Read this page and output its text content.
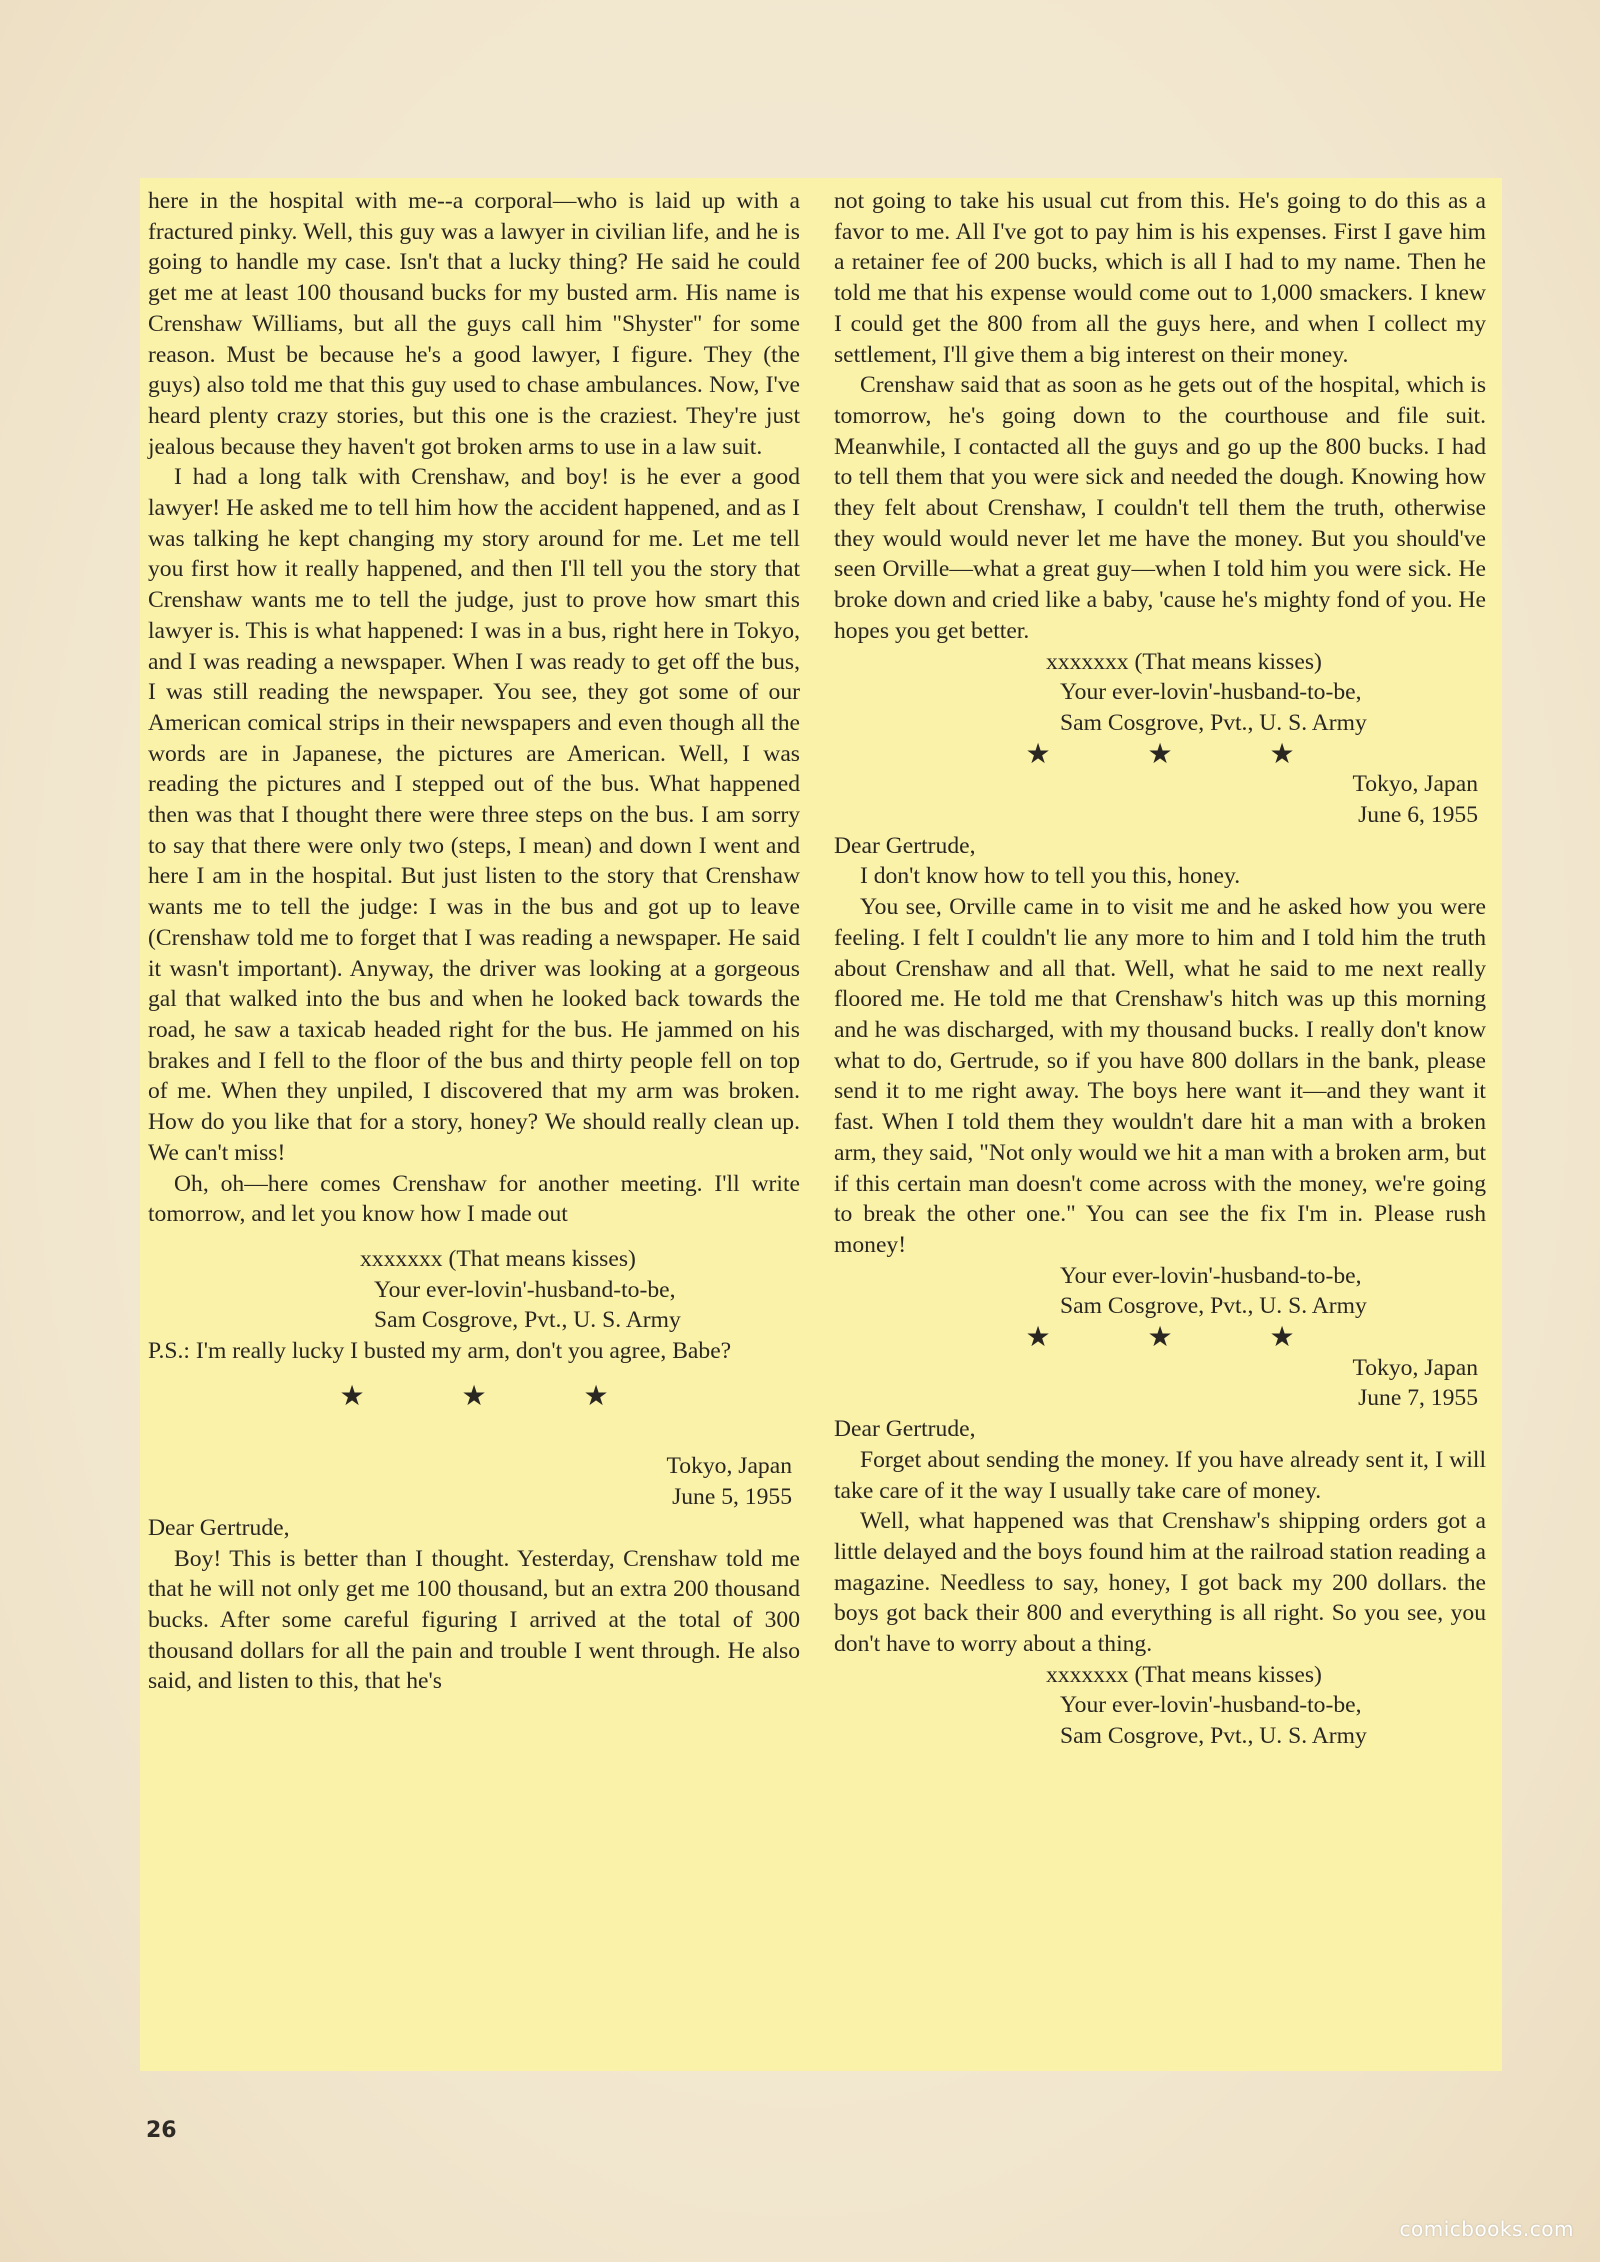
here in the hospital with me--a corporal—who is laid up with a fractured pinky. Well, this guy was a lawyer in civilian life, and he is going to handle my case. Isn't that a lucky thing? He said he could get me at least 100 thousand bucks for my busted arm. His name is Crenshaw Williams, but all the guys call him "Shyster" for some reason. Must be because he's a good lawyer, I figure. They (the guys) also told me that this guy used to chase ambulances. Now, I've heard plenty crazy stories, but this one is the craziest. They're just jealous because they haven't got broken arms to use in a law suit.

I had a long talk with Crenshaw, and boy! is he ever a good lawyer! He asked me to tell him how the accident happened, and as I was talking he kept changing my story around for me. Let me tell you first how it really happened, and then I'll tell you the story that Crenshaw wants me to tell the judge, just to prove how smart this lawyer is. This is what happened: I was in a bus, right here in Tokyo, and I was reading a newspaper. When I was ready to get off the bus, I was still reading the newspaper. You see, they got some of our American comical strips in their newspapers and even though all the words are in Japanese, the pictures are American. Well, I was reading the pictures and I stepped out of the bus. What happened then was that I thought there were three steps on the bus. I am sorry to say that there were only two (steps, I mean) and down I went and here I am in the hospital. But just listen to the story that Crenshaw wants me to tell the judge: I was in the bus and got up to leave (Crenshaw told me to forget that I was reading a newspaper. He said it wasn't important). Anyway, the driver was looking at a gorgeous gal that walked into the bus and when he looked back towards the road, he saw a taxicab headed right for the bus. He jammed on his brakes and I fell to the floor of the bus and thirty people fell on top of me. When they unpiled, I discovered that my arm was broken. How do you like that for a story, honey? We should really clean up. We can't miss!

Oh, oh—here comes Crenshaw for another meeting. I'll write tomorrow, and let you know how I made out

xxxxxxx (That means kisses)

Your ever-lovin'-husband-to-be,

Sam Cosgrove, Pvt., U. S. Army

P.S.: I'm really lucky I busted my arm, don't you agree, Babe?

★ ★ ★

Tokyo, Japan

June 5, 1955

Dear Gertrude,

Boy! This is better than I thought. Yesterday, Crenshaw told me that he will not only get me 100 thousand, but an extra 200 thousand bucks. After some careful figuring I arrived at the total of 300 thousand dollars for all the pain and trouble I went through. He also said, and listen to this, that he's

not going to take his usual cut from this. He's going to do this as a favor to me. All I've got to pay him is his expenses. First I gave him a retainer fee of 200 bucks, which is all I had to my name. Then he told me that his expense would come out to 1,000 smackers. I knew I could get the 800 from all the guys here, and when I collect my settlement, I'll give them a big interest on their money.

Crenshaw said that as soon as he gets out of the hospital, which is tomorrow, he's going down to the courthouse and file suit. Meanwhile, I contacted all the guys and go up the 800 bucks. I had to tell them that you were sick and needed the dough. Knowing how they felt about Crenshaw, I couldn't tell them the truth, otherwise they would would never let me have the money. But you should've seen Orville—what a great guy—when I told him you were sick. He broke down and cried like a baby, 'cause he's mighty fond of you. He hopes you get better.

xxxxxxx (That means kisses)

Your ever-lovin'-husband-to-be,

Sam Cosgrove, Pvt., U. S. Army

★ ★ ★

Tokyo, Japan

June 6, 1955

Dear Gertrude,

I don't know how to tell you this, honey.

You see, Orville came in to visit me and he asked how you were feeling. I felt I couldn't lie any more to him and I told him the truth about Crenshaw and all that. Well, what he said to me next really floored me. He told me that Crenshaw's hitch was up this morning and he was discharged, with my thousand bucks. I really don't know what to do, Gertrude, so if you have 800 dollars in the bank, please send it to me right away. The boys here want it—and they want it fast. When I told them they wouldn't dare hit a man with a broken arm, they said, "Not only would we hit a man with a broken arm, but if this certain man doesn't come across with the money, we're going to break the other one." You can see the fix I'm in. Please rush money!

Your ever-lovin'-husband-to-be,

Sam Cosgrove, Pvt., U. S. Army

★ ★ ★

Tokyo, Japan

June 7, 1955

Dear Gertrude,

Forget about sending the money. If you have already sent it, I will take care of it the way I usually take care of money.

Well, what happened was that Crenshaw's shipping orders got a little delayed and the boys found him at the railroad station reading a magazine. Needless to say, honey, I got back my 200 dollars. the boys got back their 800 and everything is all right. So you see, you don't have to worry about a thing.

xxxxxxx (That means kisses)

Your ever-lovin'-husband-to-be,

Sam Cosgrove, Pvt., U. S. Army

26
comicbooks.com
